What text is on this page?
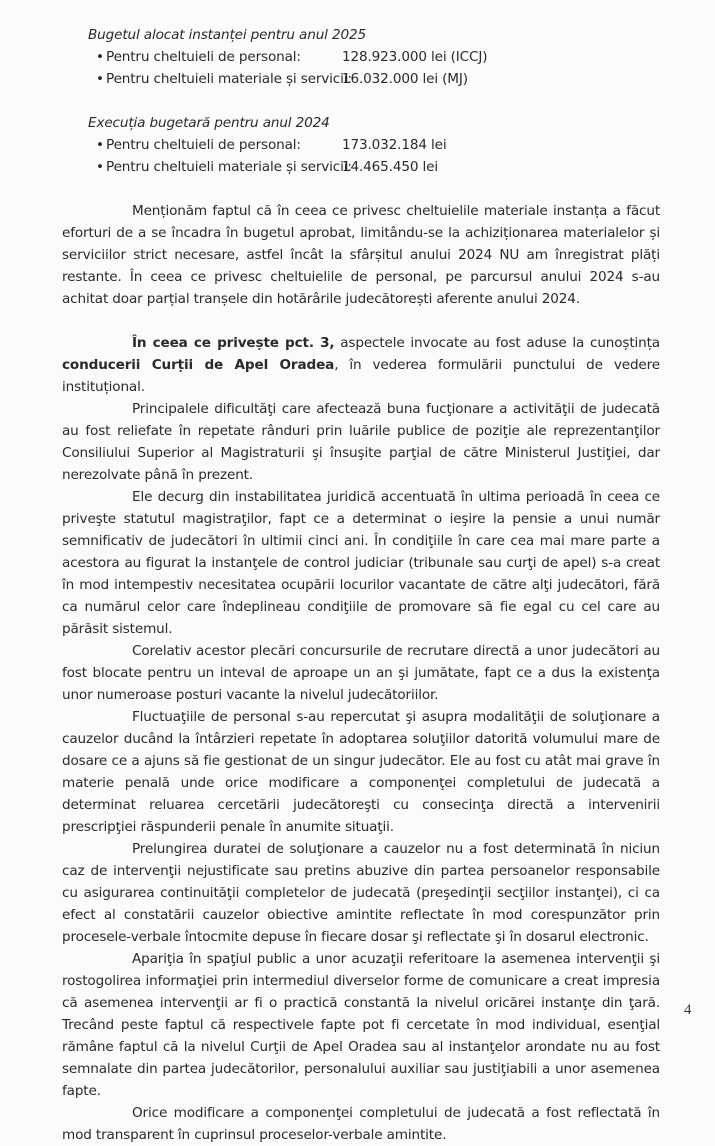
Bugetul alocat instanței pentru anul 2025
• Pentru cheltuieli de personal:	128.923.000 lei (ICCJ)
• Pentru cheltuieli materiale și servicii:16.032.000 lei (MJ)
Execuția bugetară pentru anul 2024
• Pentru cheltuieli de personal:	173.032.184 lei
• Pentru cheltuieli materiale și servicii:14.465.450 lei

Menționăm faptul că în ceea ce privesc cheltuielile materiale instanța a făcut eforturi de a se încadra în bugetul aprobat, limitându-se la achiziționarea materialelor și serviciilor strict necesare, astfel încât la sfârșitul anului 2024 NU am înregistrat plăți restante. În ceea ce privesc cheltuielile de personal, pe parcursul anului 2024 s-au achitat doar parțial tranșele din hotărârile judecătorești aferente anului 2024.

În ceea ce privește pct. 3, aspectele invocate au fost aduse la cunoștința conducerii Curții de Apel Oradea, în vederea formulării punctului de vedere instituțional.

Principalele dificultăţi care afectează buna fucţionare a activităţii de judecată au fost reliefate în repetate rânduri prin luările publice de poziţie ale reprezentanţilor Consiliului Superior al Magistraturii şi însuşite parţial de către Ministerul Justiţiei, dar nerezolvate până în prezent.

Ele decurg din instabilitatea juridică accentuată în ultima perioadă în ceea ce priveşte statutul magistraţilor, fapt ce a determinat o ieşire la pensie a unui număr semnificativ de judecători în ultimii cinci ani. În condiţiile în care cea mai mare parte a acestora au figurat la instanţele de control judiciar (tribunale sau curţi de apel) s-a creat în mod intempestiv necesitatea ocupării locurilor vacantate de către alţi judecători, fără ca numărul celor care îndeplineau condiţiile de promovare să fie egal cu cel care au părăsit sistemul.

Corelativ acestor plecări concursurile de recrutare directă a unor judecători au fost blocate pentru un inteval de aproape un an şi jumătate, fapt ce a dus la existenţa unor numeroase posturi vacante la nivelul judecătoriilor.

Fluctuaţiile de personal s-au repercutat şi asupra modalităţii de soluţionare a cauzelor ducând la întârzieri repetate în adoptarea soluţiilor datorită volumului mare de dosare ce a ajuns să fie gestionat de un singur judecător. Ele au fost cu atât mai grave în materie penală unde orice modificare a componenţei completului de judecată a determinat reluarea cercetării judecătoreşti cu consecinţa directă a intervenirii prescripţiei răspunderii penale în anumite situaţii.

Prelungirea duratei de soluţionare a cauzelor nu a fost determinată în niciun caz de intervenţii nejustificate sau pretins abuzive din partea persoanelor responsabile cu asigurarea continuităţii completelor de judecată (preşedinţii secţiilor instanţei), ci ca efect al constatării cauzelor obiective amintite reflectate în mod corespunzător prin procesele-verbale întocmite depuse în fiecare dosar şi reflectate şi în dosarul electronic.

Apariţia în spaţiul public a unor acuzaţii referitoare la asemenea intervenţii şi rostogolirea informaţiei prin intermediul diverselor forme de comunicare a creat impresia că asemenea intervenţii ar fi o practică constantă la nivelul oricărei instanţe din ţară. Trecând peste faptul că respectivele fapte pot fi cercetate în mod individual, esenţial rămâne faptul că la nivelul Curţii de Apel Oradea sau al instanţelor arondate nu au fost semnalate din partea judecătorilor, personalului auxiliar sau justiţiabili a unor asemenea fapte.

Orice modificare a componenţei completului de judecată a fost reflectată în mod transparent în cuprinsul proceselor-verbale amintite.

4
